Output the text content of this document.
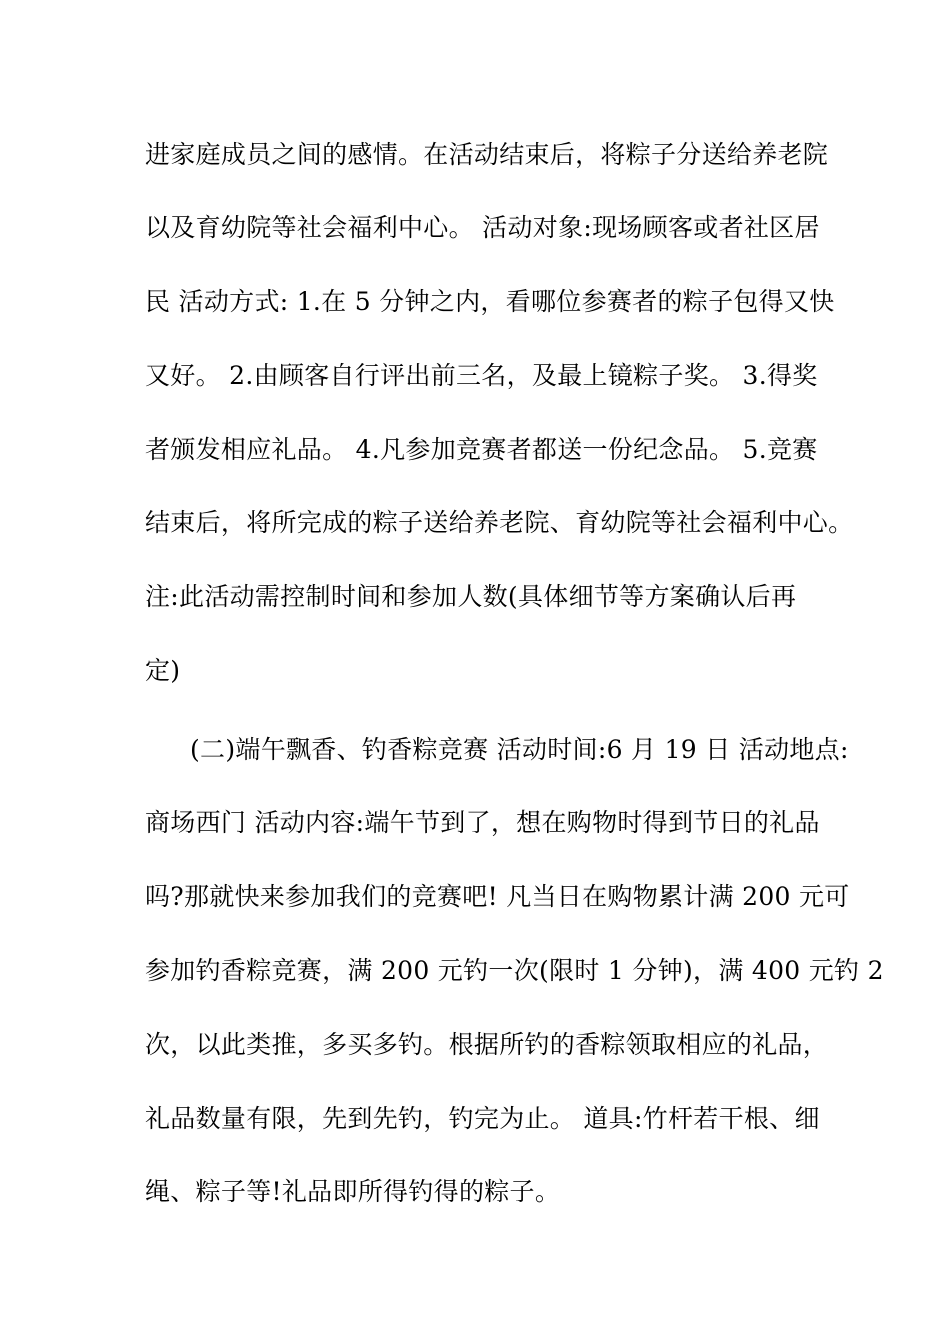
进家庭成员之间的感情。在活动结束后，将粽子分送给养老院
以及育幼院等社会福利中心。 活动对象:现场顾客或者社区居
民 活动方式: 1.在 5 分钟之内，看哪位参赛者的粽子包得又快
又好。 2.由顾客自行评出前三名，及最上镜粽子奖。 3.得奖
者颁发相应礼品。 4.凡参加竞赛者都送一份纪念品。 5.竞赛
结束后，将所完成的粽子送给养老院、育幼院等社会福利中心。
注:此活动需控制时间和参加人数(具体细节等方案确认后再
定)
(二)端午飘香、钓香粽竞赛 活动时间:6 月 19 日 活动地点:
商场西门 活动内容:端午节到了，想在购物时得到节日的礼品
吗?那就快来参加我们的竞赛吧! 凡当日在购物累计满 200 元可
参加钓香粽竞赛，满 200 元钓一次(限时 1 分钟)，满 400 元钓 2
次，以此类推，多买多钓。根据所钓的香粽领取相应的礼品，
礼品数量有限，先到先钓，钓完为止。 道具:竹杆若干根、细
绳、粽子等!礼品即所得钓得的粽子。
